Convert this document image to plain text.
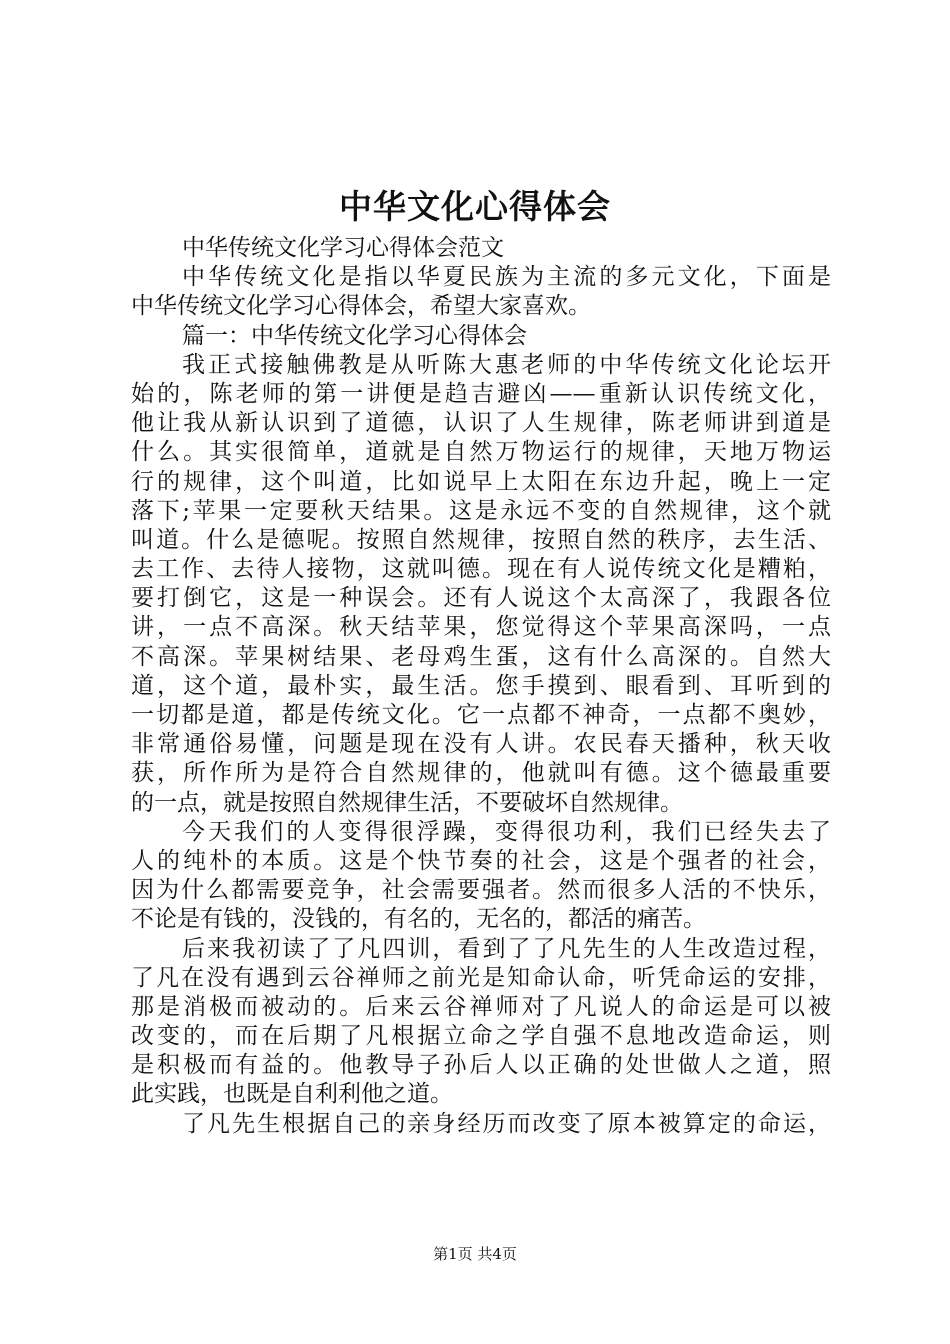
中华文化心得体会
中华传统文化学习心得体会范文
中华传统文化是指以华夏民族为主流的多元文化，下面是
中华传统文化学习心得体会，希望大家喜欢。
篇一：中华传统文化学习心得体会
我正式接触佛教是从听陈大惠老师的中华传统文化论坛开
始的，陈老师的第一讲便是趋吉避凶——重新认识传统文化，
他让我从新认识到了道德，认识了人生规律，陈老师讲到道是
什么。其实很简单，道就是自然万物运行的规律，天地万物运
行的规律，这个叫道，比如说早上太阳在东边升起，晚上一定
落下;苹果一定要秋天结果。这是永远不变的自然规律，这个就
叫道。什么是德呢。按照自然规律，按照自然的秩序，去生活、
去工作、去待人接物，这就叫德。现在有人说传统文化是糟粕，
要打倒它，这是一种误会。还有人说这个太高深了，我跟各位
讲，一点不高深。秋天结苹果，您觉得这个苹果高深吗，一点
不高深。苹果树结果、老母鸡生蛋，这有什么高深的。自然大
道，这个道，最朴实，最生活。您手摸到、眼看到、耳听到的
一切都是道，都是传统文化。它一点都不神奇，一点都不奥妙，
非常通俗易懂，问题是现在没有人讲。农民春天播种，秋天收
获，所作所为是符合自然规律的，他就叫有德。这个德最重要
的一点，就是按照自然规律生活，不要破坏自然规律。
今天我们的人变得很浮躁，变得很功利，我们已经失去了
人的纯朴的本质。这是个快节奏的社会，这是个强者的社会，
因为什么都需要竞争，社会需要强者。然而很多人活的不快乐，
不论是有钱的，没钱的，有名的，无名的，都活的痛苦。
后来我初读了了凡四训，看到了了凡先生的人生改造过程，
了凡在没有遇到云谷禅师之前光是知命认命，听凭命运的安排，
那是消极而被动的。后来云谷禅师对了凡说人的命运是可以被
改变的，而在后期了凡根据立命之学自强不息地改造命运，则
是积极而有益的。他教导子孙后人以正确的处世做人之道，照
此实践，也既是自利利他之道。
了凡先生根据自己的亲身经历而改变了原本被算定的命运，
第1页 共4页
